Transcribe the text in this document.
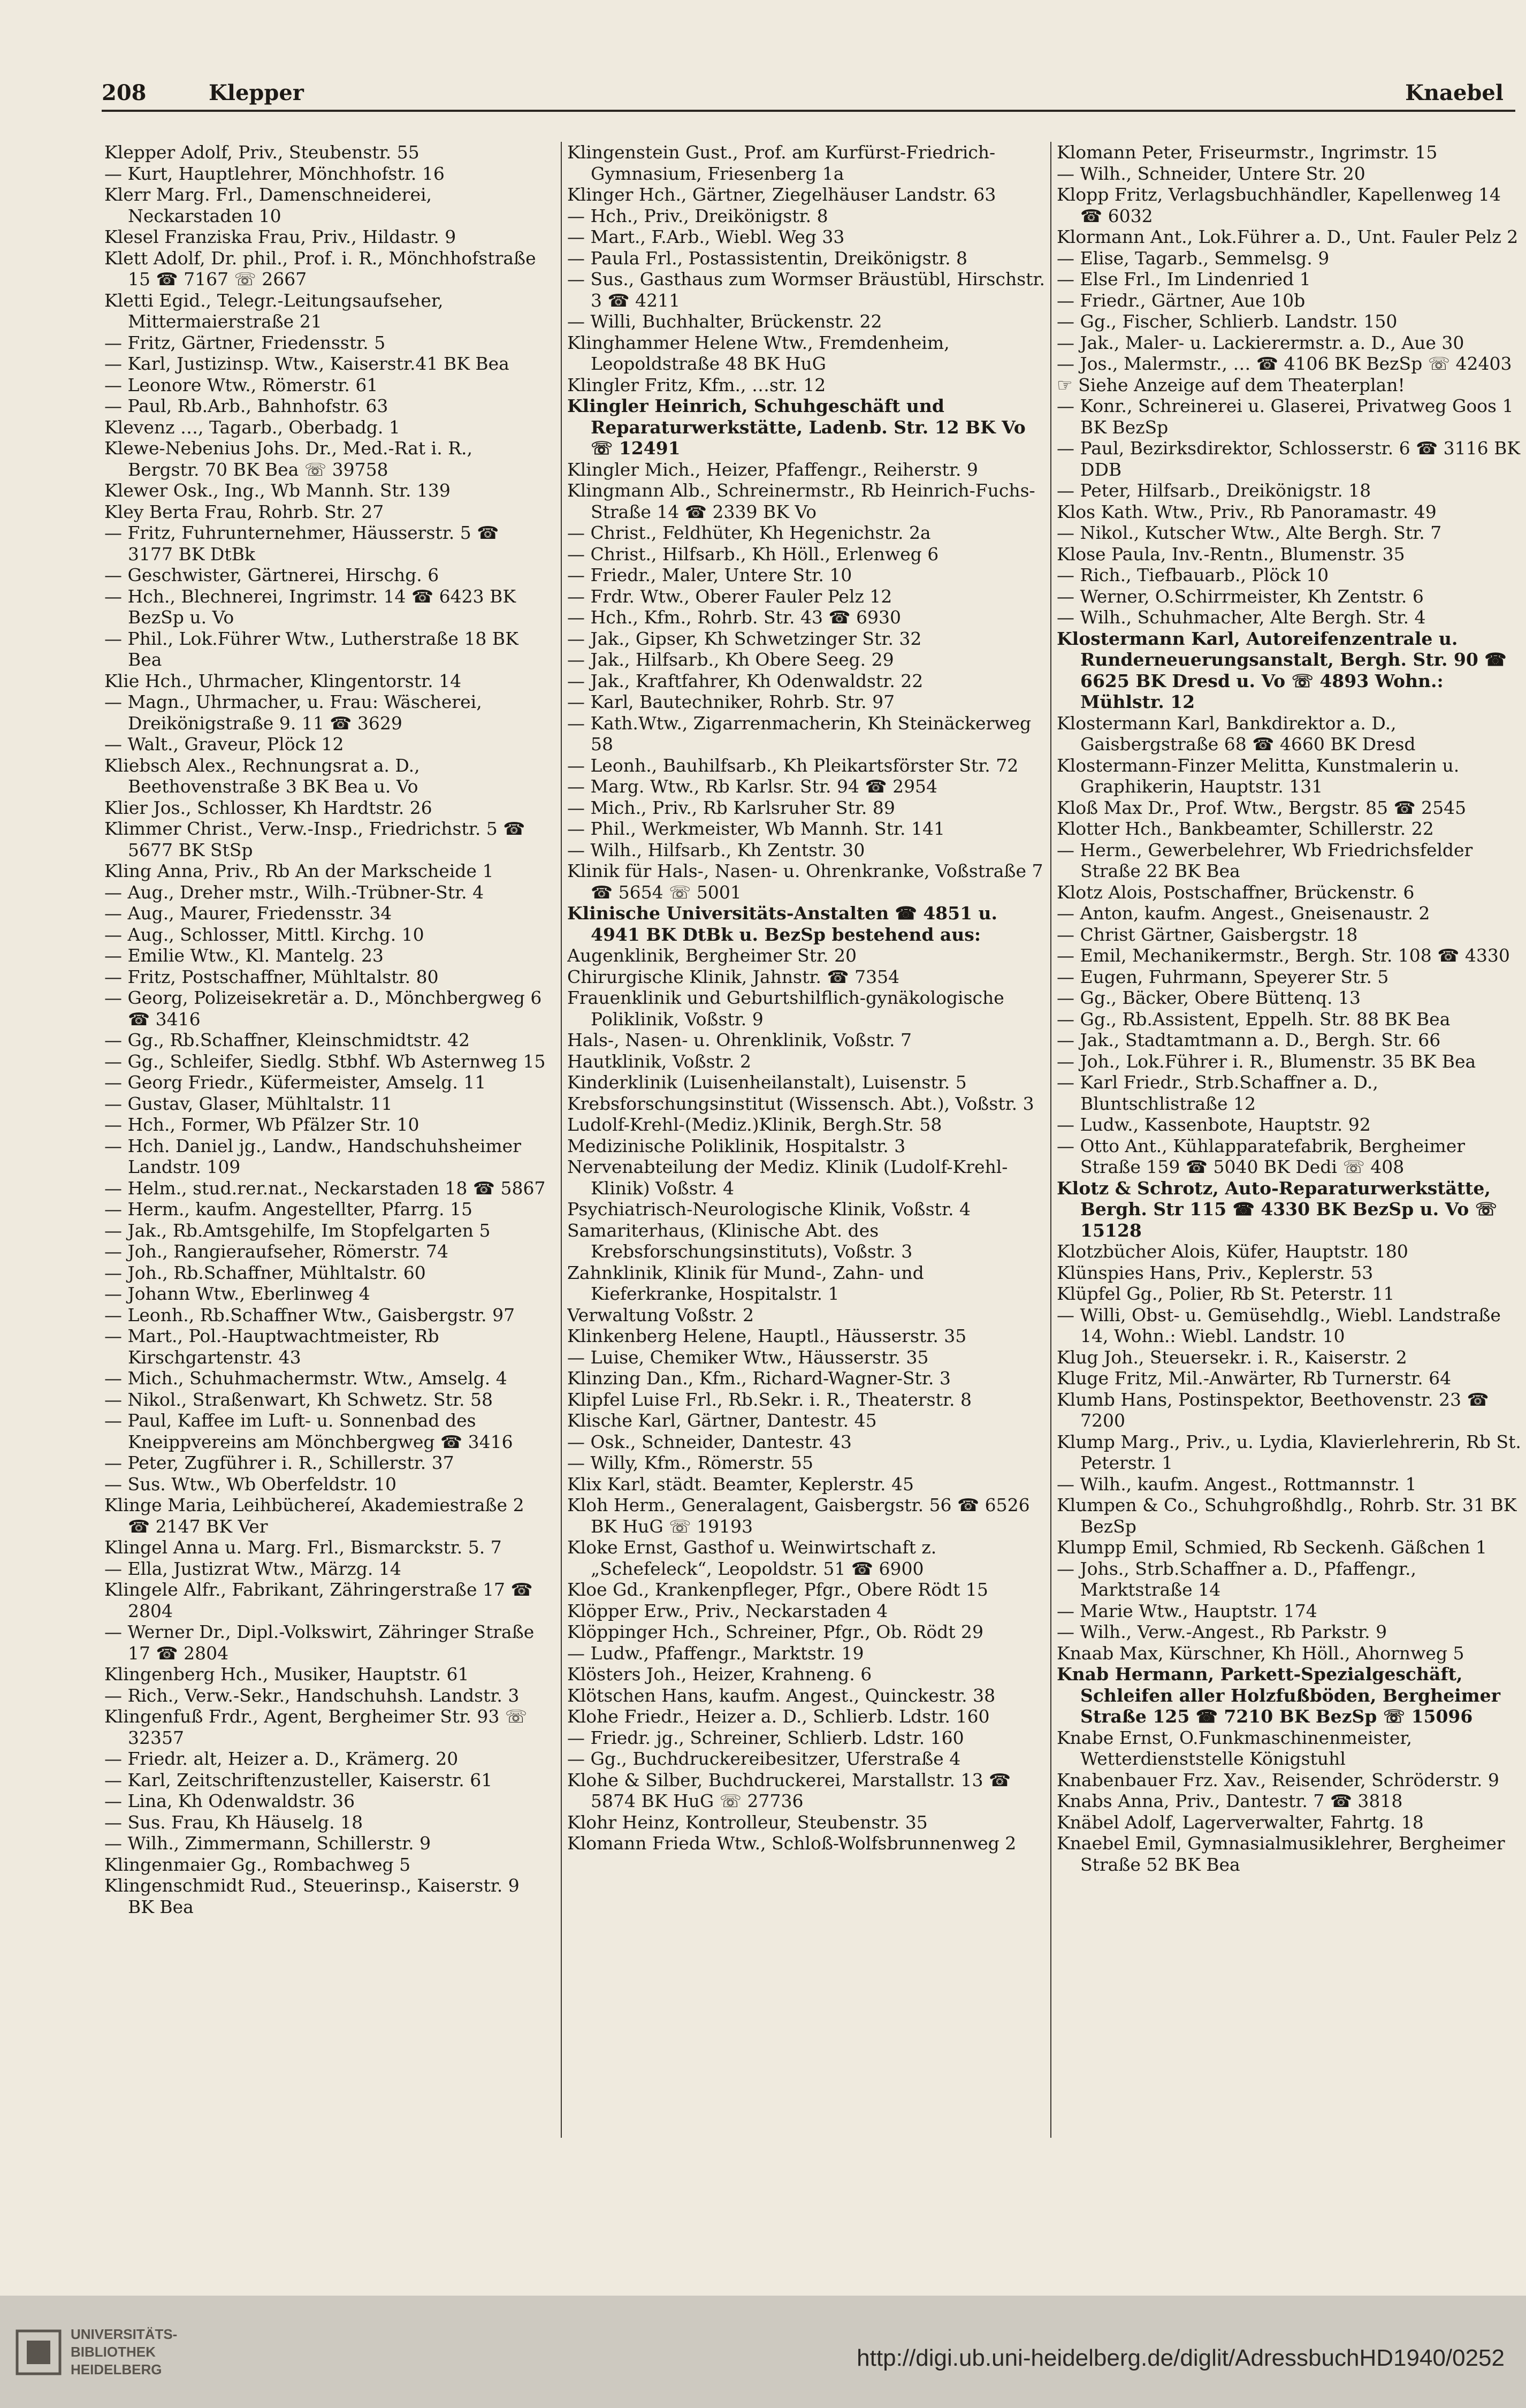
208	Klepper	Knaebel

Klepper Adolf, Priv., Steubenstr. 55

— Kurt, Hauptlehrer, Mönchhofstr. 16

Klerr Marg. Frl., Damenschneiderei, Neckarstaden 10

Klesel Franziska Frau, Priv., Hildastr. 9

Klett Adolf, Dr. phil., Prof. i. R., Mönchhofstraße 15 ☎ 7167 ☏ 2667

Kletti Egid., Telegr.-Leitungsaufseher, Mittermaierstraße 21

— Fritz, Gärtner, Friedensstr. 5

— Karl, Justizinsp. Wtw., Kaiserstr.41 BK Bea

— Leonore Wtw., Römerstr. 61

— Paul, Rb.Arb., Bahnhofstr. 63

Klevenz …, Tagarb., Oberbadg. 1

Klewe-Nebenius Johs. Dr., Med.-Rat i. R., Bergstr. 70 BK Bea ☏ 39758

Klewer Osk., Ing., Wb Mannh. Str. 139

Kley Berta Frau, Rohrb. Str. 27

— Fritz, Fuhrunternehmer, Häusserstr. 5 ☎ 3177 BK DtBk

— Geschwister, Gärtnerei, Hirschg. 6

— Hch., Blechnerei, Ingrimstr. 14 ☎ 6423 BK BezSp u. Vo

— Phil., Lok.Führer Wtw., Lutherstraße 18 BK Bea

Klie Hch., Uhrmacher, Klingentorstr. 14

— Magn., Uhrmacher, u. Frau: Wäscherei, Dreikönigstraße 9. 11 ☎ 3629

— Walt., Graveur, Plöck 12

Kliebsch Alex., Rechnungsrat a. D., Beethovenstraße 3 BK Bea u. Vo

Klier Jos., Schlosser, Kh Hardtstr. 26

Klimmer Christ., Verw.-Insp., Friedrichstr. 5 ☎ 5677 BK StSp

Kling Anna, Priv., Rb An der Markscheide 1

— Aug., Dreher mstr., Wilh.-Trübner-Str. 4

— Aug., Maurer, Friedensstr. 34

— Aug., Schlosser, Mittl. Kirchg. 10

— Emilie Wtw., Kl. Mantelg. 23

— Fritz, Postschaffner, Mühltalstr. 80

— Georg, Polizeisekretär a. D., Mönchbergweg 6 ☎ 3416

— Gg., Rb.Schaffner, Kleinschmidtstr. 42

— Gg., Schleifer, Siedlg. Stbhf. Wb Asternweg 15

— Georg Friedr., Küfermeister, Amselg. 11

— Gustav, Glaser, Mühltalstr. 11

— Hch., Former, Wb Pfälzer Str. 10

— Hch. Daniel jg., Landw., Handschuhsheimer Landstr. 109

— Helm., stud.rer.nat., Neckarstaden 18 ☎ 5867

— Herm., kaufm. Angestellter, Pfarrg. 15

— Jak., Rb.Amtsgehilfe, Im Stopfelgarten 5

— Joh., Rangieraufseher, Römerstr. 74

— Joh., Rb.Schaffner, Mühltalstr. 60

— Johann Wtw., Eberlinweg 4

— Leonh., Rb.Schaffner Wtw., Gaisbergstr. 97

— Mart., Pol.-Hauptwachtmeister, Rb Kirschgartenstr. 43

— Mich., Schuhmachermstr. Wtw., Amselg. 4

— Nikol., Straßenwart, Kh Schwetz. Str. 58

— Paul, Kaffee im Luft- u. Sonnenbad des Kneippvereins am Mönchbergweg ☎ 3416

— Peter, Zugführer i. R., Schillerstr. 37

— Sus. Wtw., Wb Oberfeldstr. 10

Klinge Maria, Leihbüchereí, Akademiestraße 2 ☎ 2147 BK Ver

Klingel Anna u. Marg. Frl., Bismarckstr. 5. 7

— Ella, Justizrat Wtw., Märzg. 14

Klingele Alfr., Fabrikant, Zähringerstraße 17 ☎ 2804

— Werner Dr., Dipl.-Volkswirt, Zähringer Straße 17 ☎ 2804

Klingenberg Hch., Musiker, Hauptstr. 61

— Rich., Verw.-Sekr., Handschuhsh. Landstr. 3

Klingenfuß Frdr., Agent, Bergheimer Str. 93 ☏ 32357

— Friedr. alt, Heizer a. D., Krämerg. 20

— Karl, Zeitschriftenzusteller, Kaiserstr. 61

— Lina, Kh Odenwaldstr. 36

— Sus. Frau, Kh Häuselg. 18

— Wilh., Zimmermann, Schillerstr. 9

Klingenmaier Gg., Rombachweg 5

Klingenschmidt Rud., Steuerinsp., Kaiserstr. 9 BK Bea

Klingenstein Gust., Prof. am Kurfürst-Friedrich-Gymnasium, Friesenberg 1a

Klinger Hch., Gärtner, Ziegelhäuser Landstr. 63

— Hch., Priv., Dreikönigstr. 8

— Mart., F.Arb., Wiebl. Weg 33

— Paula Frl., Postassistentin, Dreikönigstr. 8

— Sus., Gasthaus zum Wormser Bräustübl, Hirschstr. 3 ☎ 4211

— Willi, Buchhalter, Brückenstr. 22

Klinghammer Helene Wtw., Fremdenheim, Leopoldstraße 48 BK HuG

Klingler Fritz, Kfm., …str. 12

Klingler Heinrich, Schuhgeschäft und Reparaturwerkstätte, Ladenb. Str. 12 BK Vo ☏ 12491

Klingler Mich., Heizer, Pfaffengr., Reiherstr. 9

Klingmann Alb., Schreinermstr., Rb Heinrich-Fuchs-Straße 14 ☎ 2339 BK Vo

— Christ., Feldhüter, Kh Hegenichstr. 2a

— Christ., Hilfsarb., Kh Höll., Erlenweg 6

— Friedr., Maler, Untere Str. 10

— Frdr. Wtw., Oberer Fauler Pelz 12

— Hch., Kfm., Rohrb. Str. 43 ☎ 6930

— Jak., Gipser, Kh Schwetzinger Str. 32

— Jak., Hilfsarb., Kh Obere Seeg. 29

— Jak., Kraftfahrer, Kh Odenwaldstr. 22

— Karl, Bautechniker, Rohrb. Str. 97

— Kath.Wtw., Zigarrenmacherin, Kh Steinäckerweg 58

— Leonh., Bauhilfsarb., Kh Pleikartsförster Str. 72

— Marg. Wtw., Rb Karlsr. Str. 94 ☎ 2954

— Mich., Priv., Rb Karlsruher Str. 89

— Phil., Werkmeister, Wb Mannh. Str. 141

— Wilh., Hilfsarb., Kh Zentstr. 30

Klinik für Hals-, Nasen- u. Ohrenkranke, Voßstraße 7 ☎ 5654 ☏ 5001

Klinische Universitäts-Anstalten ☎ 4851 u. 4941 BK DtBk u. BezSp bestehend aus:

Augenklinik, Bergheimer Str. 20

Chirurgische Klinik, Jahnstr. ☎ 7354

Frauenklinik und Geburtshilflich-gynäkologische Poliklinik, Voßstr. 9

Hals-, Nasen- u. Ohrenklinik, Voßstr. 7

Hautklinik, Voßstr. 2

Kinderklinik (Luisenheilanstalt), Luisenstr. 5

Krebsforschungsinstitut (Wissensch. Abt.), Voßstr. 3

Ludolf-Krehl-(Mediz.)Klinik, Bergh.Str. 58

Medizinische Poliklinik, Hospitalstr. 3

Nervenabteilung der Mediz. Klinik (Ludolf-Krehl-Klinik) Voßstr. 4

Psychiatrisch-Neurologische Klinik, Voßstr. 4

Samariterhaus, (Klinische Abt. des Krebsforschungsinstituts), Voßstr. 3

Zahnklinik, Klinik für Mund-, Zahn- und Kieferkranke, Hospitalstr. 1

Verwaltung Voßstr. 2

Klinkenberg Helene, Hauptl., Häusserstr. 35

— Luise, Chemiker Wtw., Häusserstr. 35

Klinzing Dan., Kfm., Richard-Wagner-Str. 3

Klipfel Luise Frl., Rb.Sekr. i. R., Theaterstr. 8

Klische Karl, Gärtner, Dantestr. 45

— Osk., Schneider, Dantestr. 43

— Willy, Kfm., Römerstr. 55

Klix Karl, städt. Beamter, Keplerstr. 45

Kloh Herm., Generalagent, Gaisbergstr. 56 ☎ 6526 BK HuG ☏ 19193

Kloke Ernst, Gasthof u. Weinwirtschaft z. „Schefeleck“, Leopoldstr. 51 ☎ 6900

Kloe Gd., Krankenpfleger, Pfgr., Obere Rödt 15

Klöpper Erw., Priv., Neckarstaden 4

Klöppinger Hch., Schreiner, Pfgr., Ob. Rödt 29

— Ludw., Pfaffengr., Marktstr. 19

Klösters Joh., Heizer, Krahneng. 6

Klötschen Hans, kaufm. Angest., Quinckestr. 38

Klohe Friedr., Heizer a. D., Schlierb. Ldstr. 160

— Friedr. jg., Schreiner, Schlierb. Ldstr. 160

— Gg., Buchdruckereibesitzer, Uferstraße 4

Klohe & Silber, Buchdruckerei, Marstallstr. 13 ☎ 5874 BK HuG ☏ 27736

Klohr Heinz, Kontrolleur, Steubenstr. 35

Klomann Frieda Wtw., Schloß-Wolfsbrunnenweg 2

Klomann Peter, Friseurmstr., Ingrimstr. 15

— Wilh., Schneider, Untere Str. 20

Klopp Fritz, Verlagsbuchhändler, Kapellenweg 14 ☎ 6032

Klormann Ant., Lok.Führer a. D., Unt. Fauler Pelz 2

— Elise, Tagarb., Semmelsg. 9

— Else Frl., Im Lindenried 1

— Friedr., Gärtner, Aue 10b

— Gg., Fischer, Schlierb. Landstr. 150

— Jak., Maler- u. Lackierermstr. a. D., Aue 30

— Jos., Malermstr., … ☎ 4106 BK BezSp ☏ 42403

☞ Siehe Anzeige auf dem Theaterplan!

— Konr., Schreinerei u. Glaserei, Privatweg Goos 1 BK BezSp

— Paul, Bezirksdirektor, Schlosserstr. 6 ☎ 3116 BK DDB

— Peter, Hilfsarb., Dreikönigstr. 18

Klos Kath. Wtw., Priv., Rb Panoramastr. 49

— Nikol., Kutscher Wtw., Alte Bergh. Str. 7

Klose Paula, Inv.-Rentn., Blumenstr. 35

— Rich., Tiefbauarb., Plöck 10

— Werner, O.Schirrmeister, Kh Zentstr. 6

— Wilh., Schuhmacher, Alte Bergh. Str. 4

Klostermann Karl, Autoreifenzentrale u. Runderneuerungsanstalt, Bergh. Str. 90 ☎ 6625 BK Dresd u. Vo ☏ 4893 Wohn.: Mühlstr. 12

Klostermann Karl, Bankdirektor a. D., Gaisbergstraße 68 ☎ 4660 BK Dresd

Klostermann-Finzer Melitta, Kunstmalerin u. Graphikerin, Hauptstr. 131

Kloß Max Dr., Prof. Wtw., Bergstr. 85 ☎ 2545

Klotter Hch., Bankbeamter, Schillerstr. 22

— Herm., Gewerbelehrer, Wb Friedrichsfelder Straße 22 BK Bea

Klotz Alois, Postschaffner, Brückenstr. 6

— Anton, kaufm. Angest., Gneisenaustr. 2

— Christ Gärtner, Gaisbergstr. 18

— Emil, Mechanikermstr., Bergh. Str. 108 ☎ 4330

— Eugen, Fuhrmann, Speyerer Str. 5

— Gg., Bäcker, Obere Büttenq. 13

— Gg., Rb.Assistent, Eppelh. Str. 88 BK Bea

— Jak., Stadtamtmann a. D., Bergh. Str. 66

— Joh., Lok.Führer i. R., Blumenstr. 35 BK Bea

— Karl Friedr., Strb.Schaffner a. D., Bluntschlistraße 12

— Ludw., Kassenbote, Hauptstr. 92

— Otto Ant., Kühlapparatefabrik, Bergheimer Straße 159 ☎ 5040 BK Dedi ☏ 408

Klotz & Schrotz, Auto-Reparaturwerkstätte, Bergh. Str 115 ☎ 4330 BK BezSp u. Vo ☏ 15128

Klotzbücher Alois, Küfer, Hauptstr. 180

Klünspies Hans, Priv., Keplerstr. 53

Klüpfel Gg., Polier, Rb St. Peterstr. 11

— Willi, Obst- u. Gemüsehdlg., Wiebl. Landstraße 14, Wohn.: Wiebl. Landstr. 10

Klug Joh., Steuersekr. i. R., Kaiserstr. 2

Kluge Fritz, Mil.-Anwärter, Rb Turnerstr. 64

Klumb Hans, Postinspektor, Beethovenstr. 23 ☎ 7200

Klump Marg., Priv., u. Lydia, Klavierlehrerin, Rb St. Peterstr. 1

— Wilh., kaufm. Angest., Rottmannstr. 1

Klumpen & Co., Schuhgroßhdlg., Rohrb. Str. 31 BK BezSp

Klumpp Emil, Schmied, Rb Seckenh. Gäßchen 1

— Johs., Strb.Schaffner a. D., Pfaffengr., Marktstraße 14

— Marie Wtw., Hauptstr. 174

— Wilh., Verw.-Angest., Rb Parkstr. 9

Knaab Max, Kürschner, Kh Höll., Ahornweg 5

Knab Hermann, Parkett-Spezialgeschäft, Schleifen aller Holzfußböden, Bergheimer Straße 125 ☎ 7210 BK BezSp ☏ 15096

Knabe Ernst, O.Funkmaschinenmeister, Wetterdienststelle Königstuhl

Knabenbauer Frz. Xav., Reisender, Schröderstr. 9

Knabs Anna, Priv., Dantestr. 7 ☎ 3818

Knäbel Adolf, Lagerverwalter, Fahrtg. 18

Knaebel Emil, Gymnasialmusiklehrer, Bergheimer Straße 52 BK Bea

UNIVERSITÄTS-
BIBLIOTHEK
HEIDELBERG	http://digi.ub.uni-heidelberg.de/diglit/AdressbuchHD1940/0252
